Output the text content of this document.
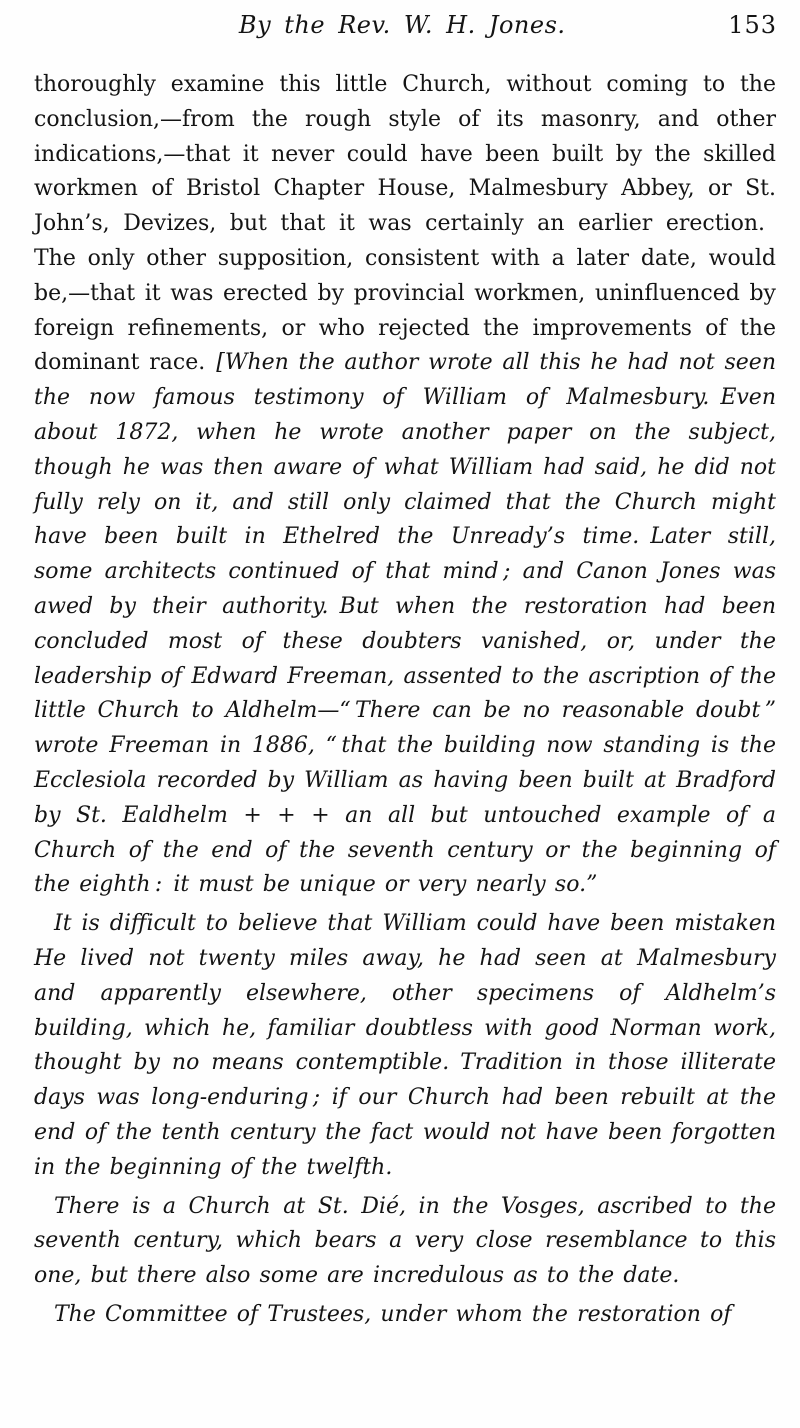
By the Rev. W. H. Jones.	153

thoroughly examine this little Church, without coming to the conclusion,—from the rough style of its masonry, and other indications,—that it never could have been built by the skilled workmen of Bristol Chapter House, Malmesbury Abbey, or St. John’s, Devizes, but that it was certainly an earlier erection. The only other supposition, consistent with a later date, would be,—that it was erected by provincial workmen, uninfluenced by foreign refinements, or who rejected the improvements of the dominant race. [When the author wrote all this he had not seen the now famous testimony of William of Malmesbury. Even about 1872, when he wrote another paper on the subject, though he was then aware of what William had said, he did not fully rely on it, and still only claimed that the Church might have been built in Ethelred the Unready’s time. Later still, some architects continued of that mind ; and Canon Jones was awed by their authority. But when the restoration had been concluded most of these doubters vanished, or, under the leadership of Edward Freeman, assented to the ascription of the little Church to Aldhelm—“ There can be no reasonable doubt ” wrote Freeman in 1886, “ that the building now standing is the Ecclesiola recorded by William as having been built at Bradford by St. Ealdhelm + + + an all but untouched example of a Church of the end of the seventh century or the beginning of the eighth : it must be unique or very nearly so.”

It is difficult to believe that William could have been mistaken He lived not twenty miles away, he had seen at Malmesbury and apparently elsewhere, other specimens of Aldhelm’s building, which he, familiar doubtless with good Norman work, thought by no means contemptible. Tradition in those illiterate days was long-enduring ; if our Church had been rebuilt at the end of the tenth century the fact would not have been forgotten in the beginning of the twelfth.

There is a Church at St. Dié, in the Vosges, ascribed to the seventh century, which bears a very close resemblance to this one, but there also some are incredulous as to the date.

The Committee of Trustees, under whom the restoration of
